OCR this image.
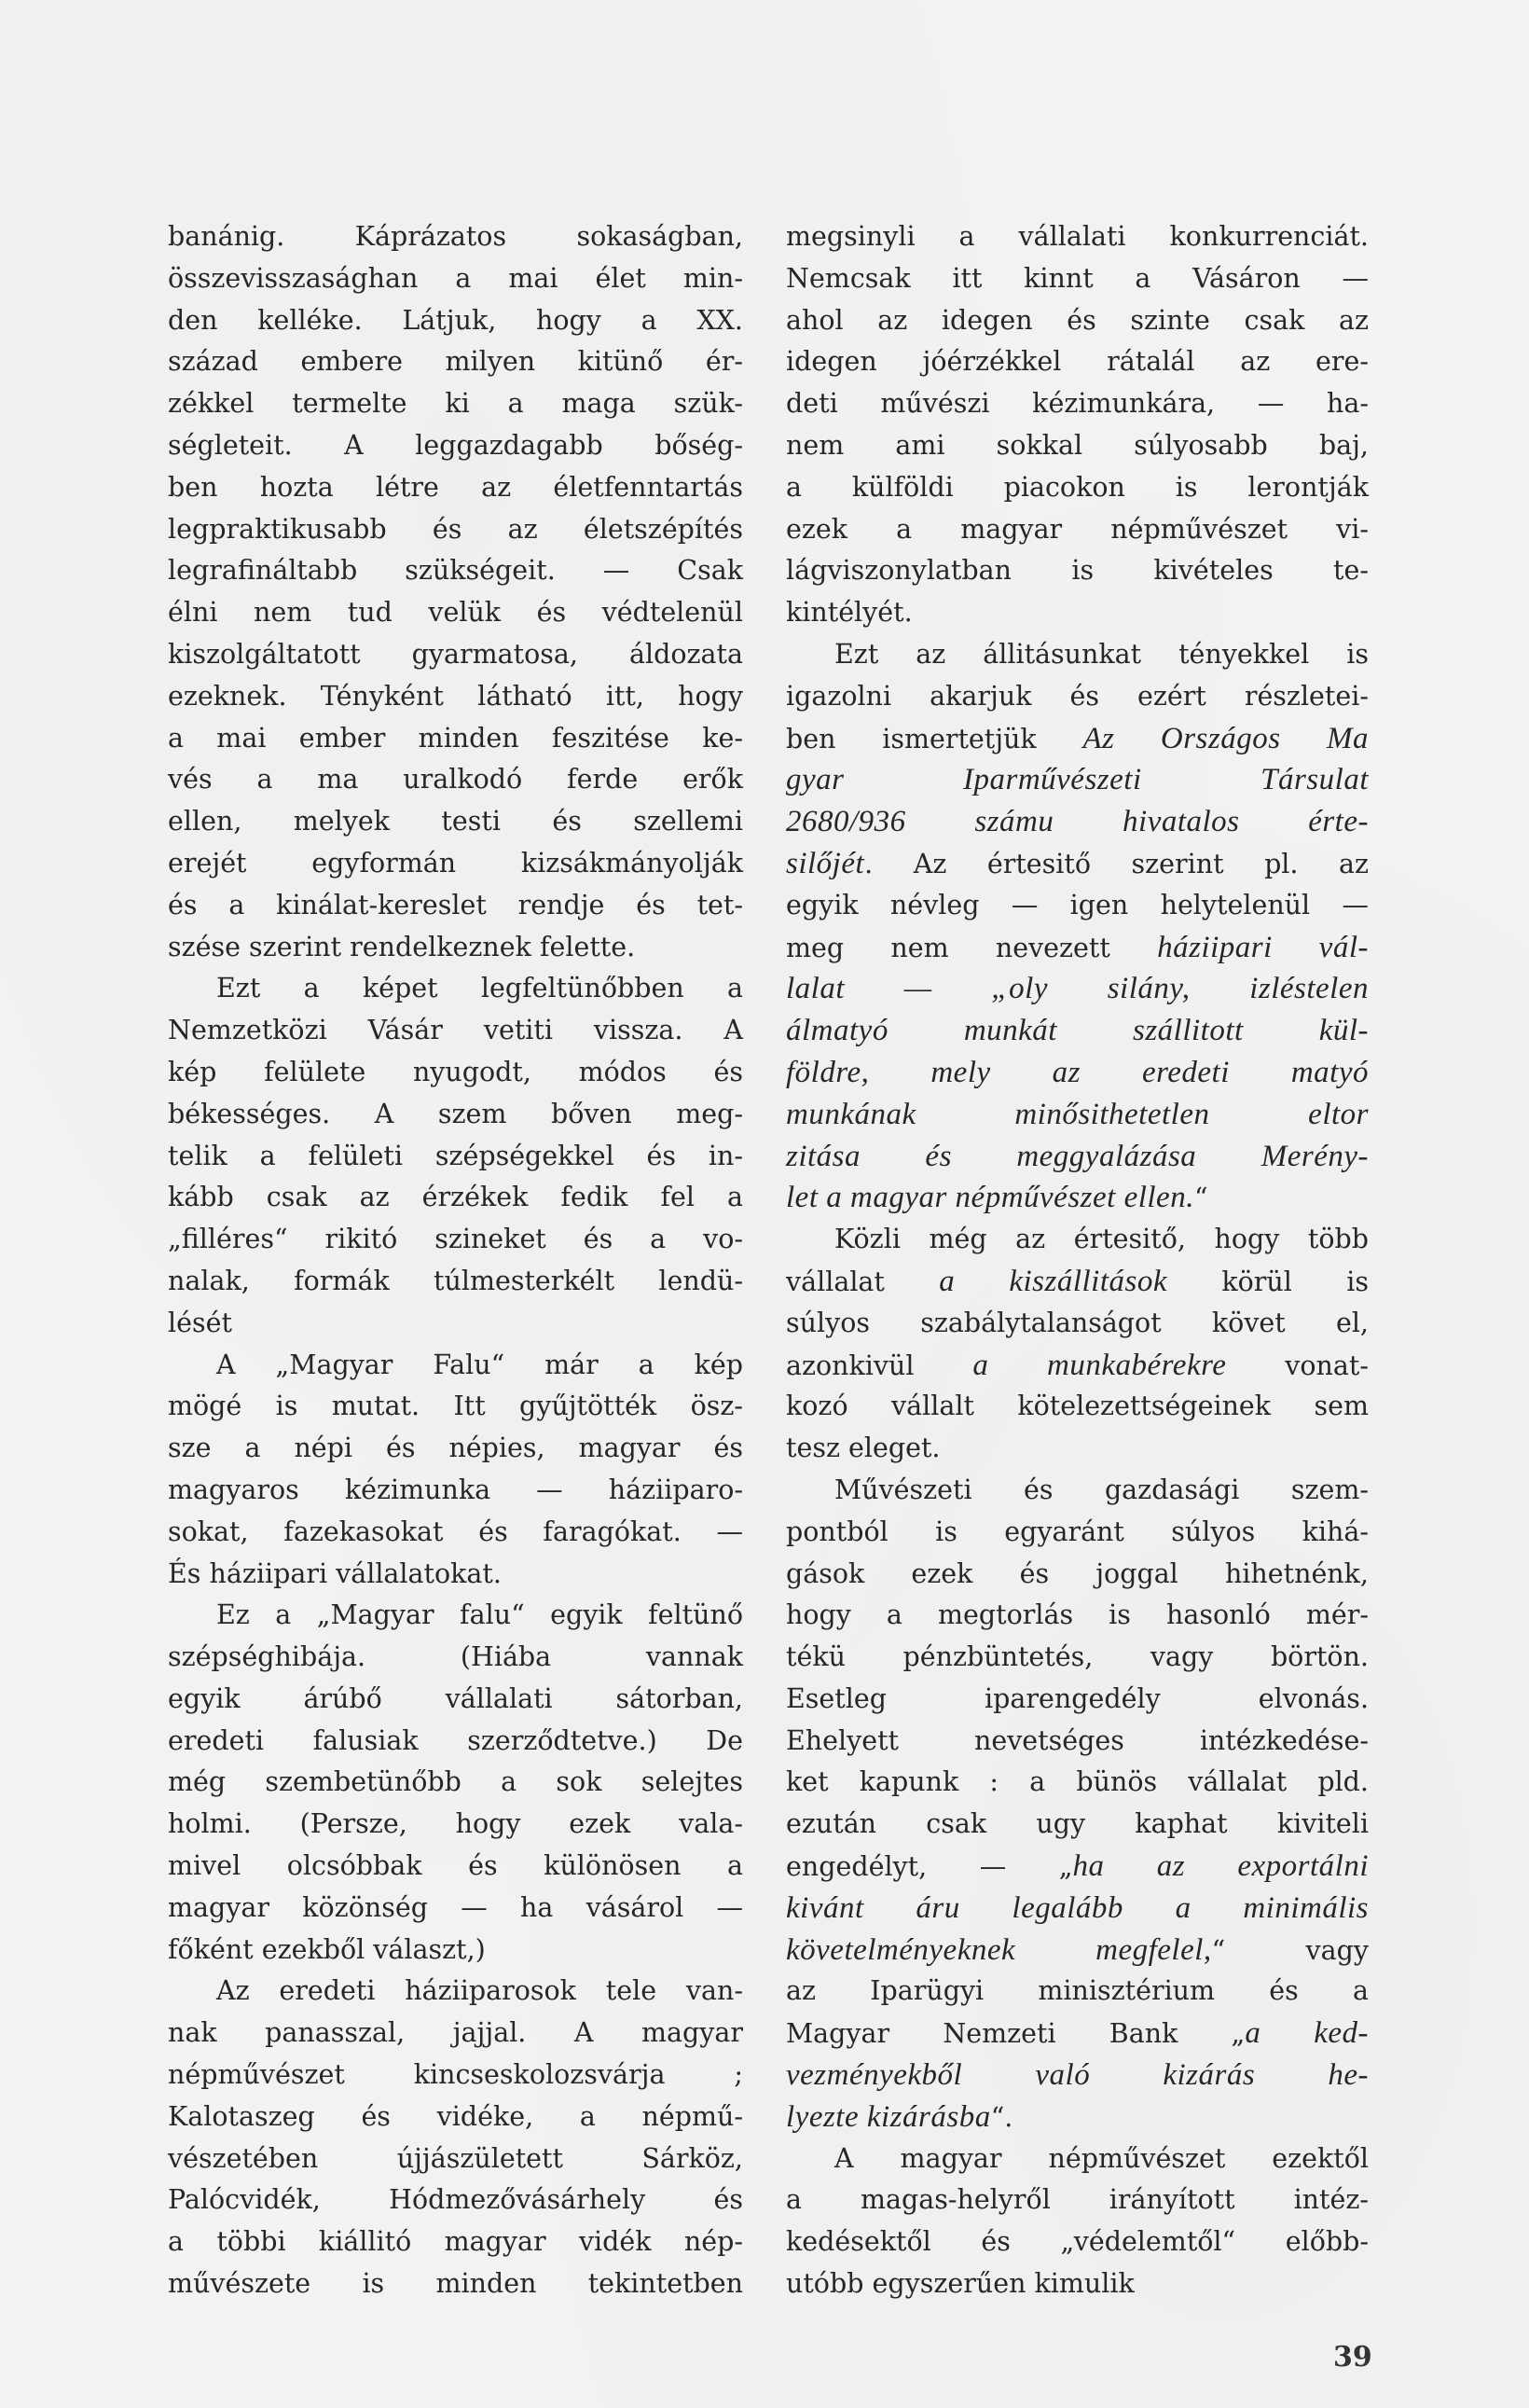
banánig. Káprázatos sokaságban,
összevisszasághan a mai élet min-
den kelléke. Látjuk, hogy a XX.
század embere milyen kitünő ér-
zékkel termelte ki a maga szük-
ségleteit. A leggazdagabb bőség-
ben hozta létre az életfenntartás
legpraktikusabb és az életszépítés
legrafináltabb szükségeit. — Csak
élni nem tud velük és védtelenül
kiszolgáltatott gyarmatosa, áldozata
ezeknek. Tényként látható itt, hogy
a mai ember minden feszitése ke-
vés a ma uralkodó ferde erők
ellen, melyek testi és szellemi
erejét egyformán kizsákmányolják
és a kinálat-kereslet rendje és tet-
szése szerint rendelkeznek felette.
Ezt a képet legfeltünőbben a
Nemzetközi Vásár vetiti vissza. A
kép felülete nyugodt, módos és
békességes. A szem bőven meg-
telik a felületi szépségekkel és in-
kább csak az érzékek fedik fel a
„filléres“ rikitó szineket és a vo-
nalak, formák túlmesterkélt lendü-
lését
A „Magyar Falu“ már a kép
mögé is mutat. Itt gyűjtötték ösz-
sze a népi és népies, magyar és
magyaros kézimunka — háziiparo-
sokat, fazekasokat és faragókat. —
És háziipari vállalatokat.
Ez a „Magyar falu“ egyik feltünő
szépséghibája. (Hiába vannak
egyik árúbő vállalati sátorban,
eredeti falusiak szerződtetve.) De
még szembetünőbb a sok selejtes
holmi. (Persze, hogy ezek vala-
mivel olcsóbbak és különösen a
magyar közönség — ha vásárol —
főként ezekből választ,)
Az eredeti háziiparosok tele van-
nak panasszal, jajjal. A magyar
népművészet kincseskolozsvárja ;
Kalotaszeg és vidéke, a népmű-
vészetében újjászületett Sárköz,
Palócvidék, Hódmezővásárhely és
a többi kiállitó magyar vidék nép-
művészete is minden tekintetben
megsinyli a vállalati konkurrenciát.
Nemcsak itt kinnt a Vásáron —
ahol az idegen és szinte csak az
idegen jóérzékkel rátalál az ere-
deti művészi kézimunkára, — ha-
nem ami sokkal súlyosabb baj,
a külföldi piacokon is lerontják
ezek a magyar népművészet vi-
lágviszonylatban is kivételes te-
kintélyét.
Ezt az állitásunkat tényekkel is
igazolni akarjuk és ezért részletei-
ben ismertetjük Az Országos Ma
gyar Iparművészeti Társulat
2680/936 számu hivatalos érte-
silőjét. Az értesitő szerint pl. az
egyik névleg — igen helytelenül —
meg nem nevezett háziipari vál-
lalat — „oly silány, izléstelen
álmatyó munkát szállitott kül-
földre, mely az eredeti matyó
munkának minősithetetlen eltor
zitása és meggyalázása Merény-
let a magyar népművészet ellen.“
Közli még az értesitő, hogy több
vállalat a kiszállitások körül is
súlyos szabálytalanságot követ el,
azonkivül a munkabérekre vonat-
kozó vállalt kötelezettségeinek sem
tesz eleget.
Művészeti és gazdasági szem-
pontból is egyaránt súlyos kihá-
gások ezek és joggal hihetnénk,
hogy a megtorlás is hasonló mér-
tékü pénzbüntetés, vagy börtön.
Esetleg iparengedély elvonás.
Ehelyett nevetséges intézkedése-
ket kapunk : a bünös vállalat pld.
ezután csak ugy kaphat kiviteli
engedélyt, — „ha az exportálni
kivánt áru legalább a minimális
követelményeknek megfelel,“ vagy
az Iparügyi minisztérium és a
Magyar Nemzeti Bank „a ked-
vezményekből való kizárás he-
lyezte kizárásba“.
A magyar népművészet ezektől
a magas-helyről irányított intéz-
kedésektől és „védelemtől“ előbb-
utóbb egyszerűen kimulik
39
